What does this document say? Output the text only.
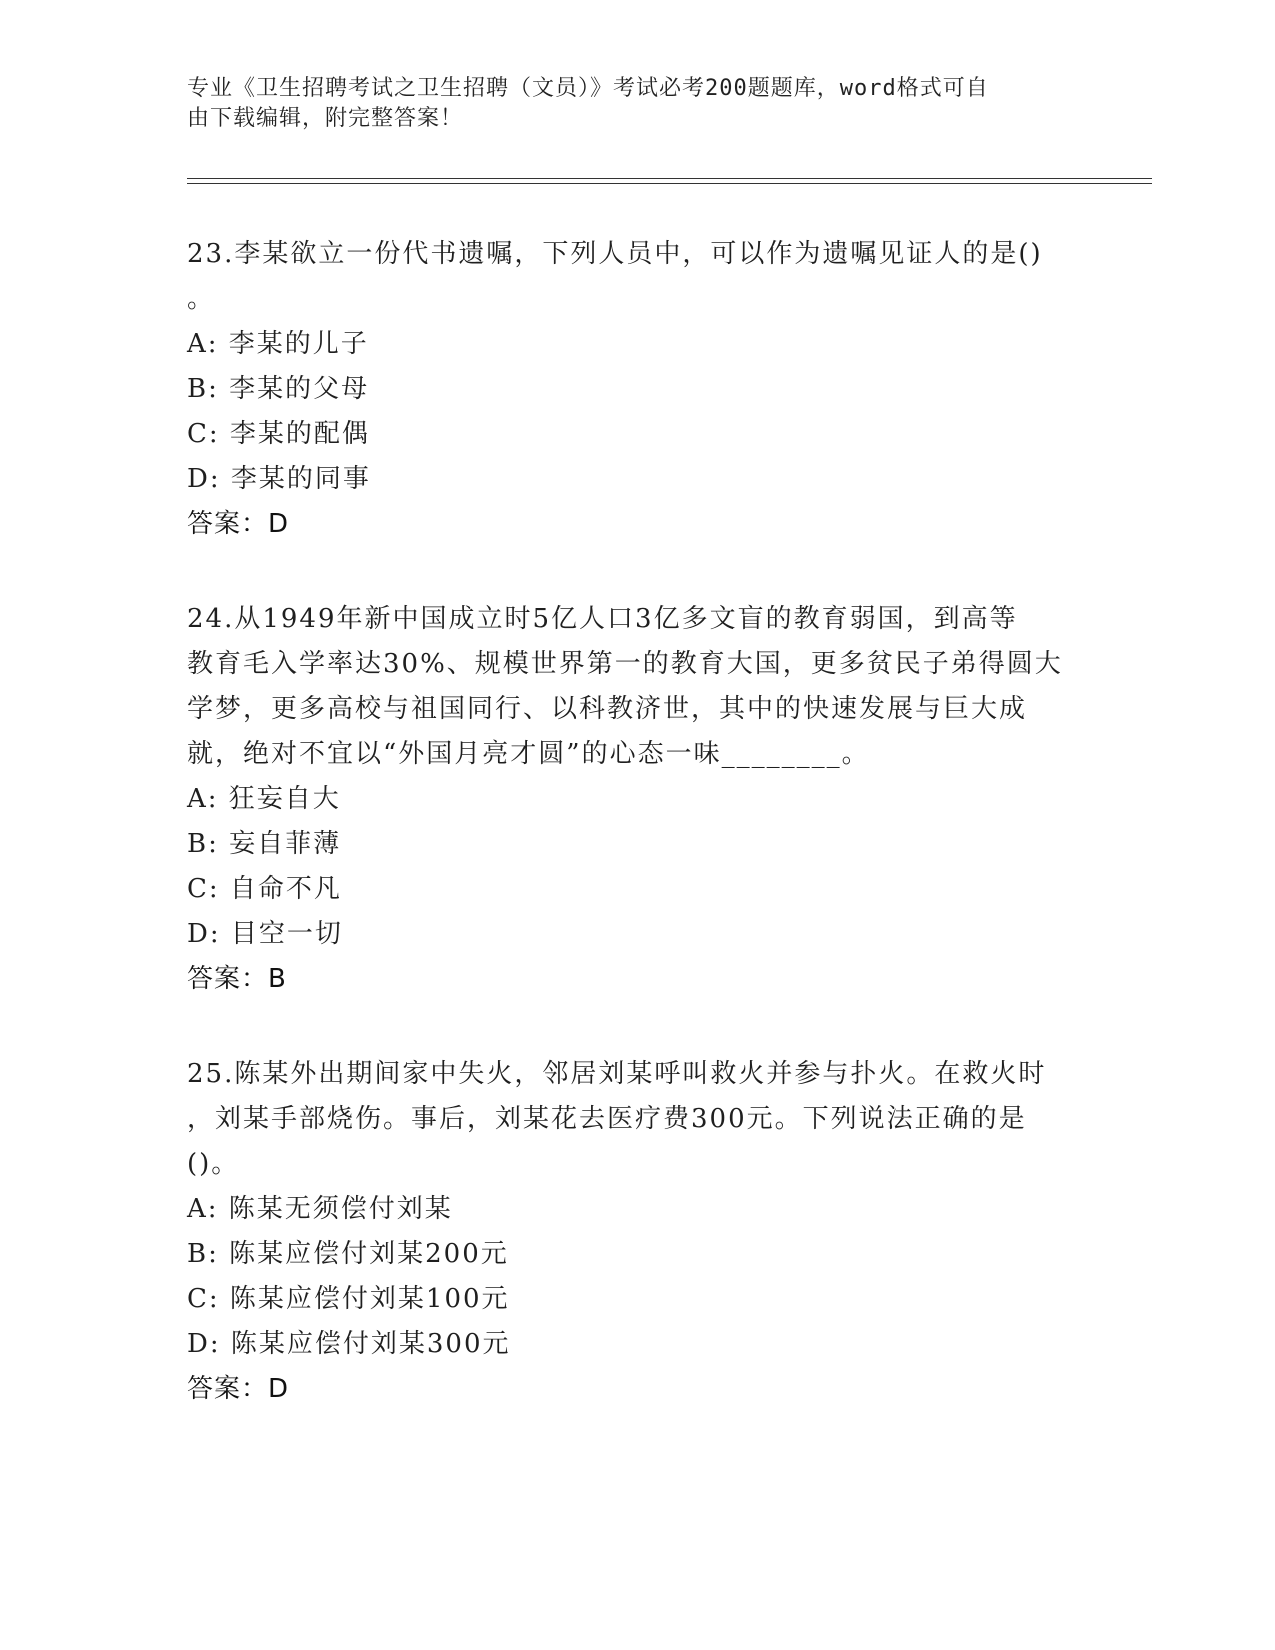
专业《卫生招聘考试之卫生招聘（文员）》考试必考200题题库，word格式可自
由下载编辑，附完整答案！
23.李某欲立一份代书遗嘱，下列人员中，可以作为遗嘱见证人的是()
。
A: 李某的儿子
B: 李某的父母
C: 李某的配偶
D: 李某的同事
答案：D
24.从1949年新中国成立时5亿人口3亿多文盲的教育弱国，到高等
教育毛入学率达30%、规模世界第一的教育大国，更多贫民子弟得圆大
学梦，更多高校与祖国同行、以科教济世，其中的快速发展与巨大成
就，绝对不宜以“外国月亮才圆”的心态一味________。
A: 狂妄自大
B: 妄自菲薄
C: 自命不凡
D: 目空一切
答案：B
25.陈某外出期间家中失火，邻居刘某呼叫救火并参与扑火。在救火时
，刘某手部烧伤。事后，刘某花去医疗费300元。下列说法正确的是
()。
A: 陈某无须偿付刘某
B: 陈某应偿付刘某200元
C: 陈某应偿付刘某100元
D: 陈某应偿付刘某300元
答案：D
